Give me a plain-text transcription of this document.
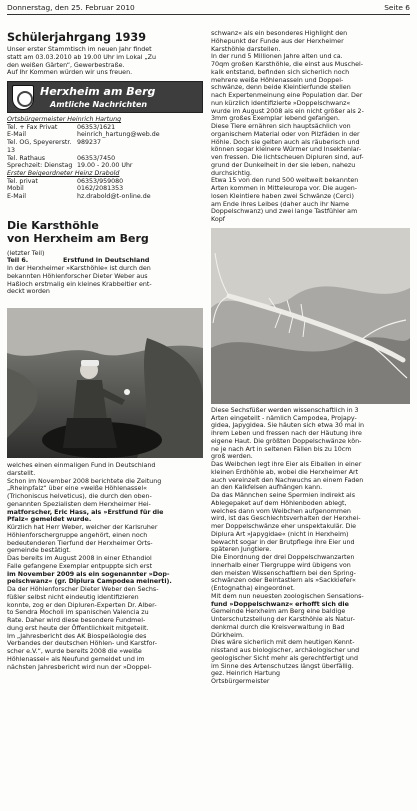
Donnerstag, den 25. Februar 2010	Seite 6
Schülerjahrgang 1939
Unser erster Stammtisch im neuen Jahr findet
statt am 03.03.2010 ab 19.00 Uhr im Lokal „Zu
den weißen Gärten“, Gewerbestraße.
Auf Ihr Kommen würden wir uns freuen.
Herxheim am Berg
Amtliche Nachrichten
Ortsbürgermeister Heinrich Hartung
Tel. + Fax Privat	06353/1621
E-Mail	heinrich_hartung@web.de
Tel. OG, Speyererstr. 13
989237
Tel. Rathaus	06353/7450
Sprechzeit: Dienstag 19.00 - 20.00 Uhr
Erster Beigeordneter Heinz Drabold
Tel. privat	06353/959080
Mobil	0162/2081353
E-Mail	hz.drabold@t-online.de
Die Karsthöhle
von Herxheim am Berg
(letzter Teil)
Teil 6.	Erstfund in Deutschland
In der Herxheimer »Karsthöhle« ist durch den
bekannten Höhlenforscher Dieter Weber aus
Haßloch erstmalig ein kleines Krabbeltier ent-
deckt worden
welches einen einmaligen Fund in Deutschland
darstellt.
Schon im November 2008 berichtete die Zeitung
„Rheinpfalz“ über eine »weiße Höhlenassel«
(Trichoniscus helveticus), die durch den oben-
genannten Spezialisten dem Herxheimer Hei-
matforscher, Eric Hass, als »Erstfund für die
Pfalz« gemeldet wurde.
Kürzlich hat Herr Weber, welcher der Karlsruher
Höhlenforschergruppe angehört, einen noch
bedeutenderen Tierfund der Herxheimer Orts-
gemeinde bestätigt.
Das bereits im August 2008 in einer Ethandiol
Falle gefangene Exemplar entpuppte sich erst
im November 2009 als ein sogenannter »Dop-
pelschwanz« (gr. Diplura Campodea meinerti).
Da der Höhlenforscher Dieter Weber den Sechs-
füßler selbst nicht eindeutig identifizieren
konnte, zog er den Dipluren-Experten Dr. Alber-
to Sendra Mocholi im spanischen Valencia zu
Rate. Daher wird diese besondere Fundmel-
dung erst heute der Öffentlichkeit mitgeteilt.
Im „Jahresbericht des AK Biospeläologie des
Verbandes der deutschen Höhlen- und Karstfor-
scher e.V.“, wurde bereits 2008 die »weiße
Höhlenassel« als Neufund gemeldet und im
nächsten Jahresbericht wird nun der »Doppel-
schwanz« als ein besonderes Highlight den
Höhepunkt der Funde aus der Herxheimer
Karsthöhle darstellen.
In der rund 5 Millionen Jahre alten und ca.
70qm großen Karsthöhle, die einst aus Muschel-
kalk entstand, befinden sich sicherlich noch
mehrere weiße Höhlenasseln und Doppel-
schwänze, denn beide Kleintierfunde stellen
nach Expertenmeinung eine Population dar. Der
nun kürzlich identifizierte »Doppelschwanz«
wurde im August 2008 als ein nicht größer als 2-
3mm großes Exemplar lebend gefangen.
Diese Tiere ernähren sich hauptsächlich von
organischem Material oder von Pilzfäden in der
Höhle. Doch sie gelten auch als räuberisch und
können sogar kleinere Würmer und Insektenlar-
ven fressen. Die lichtscheuen Dipluren sind, auf-
grund der Dunkelheit in der sie leben, nahezu
durchsichtig.
Etwa 15 von den rund 500 weltweit bekannten
Arten kommen in Mitteleuropa vor. Die augen-
losen Kleintiere haben zwei Schwänze (Cerci)
am Ende ihres Leibes (daher auch ihr Name
Doppelschwanz) und zwei lange Tastfühler am
Kopf
Diese Sechsfüßer werden wissenschaftlich in 3
Arten eingeteilt - nämlich Campodea, Projapy-
gidea, Japygidea. Sie häuten sich etwa 30 mal in
ihrem Leben und fressen nach der Häutung ihre
eigene Haut. Die größten Doppelschwänze kön-
ne je nach Art in seltenen Fällen bis zu 10cm
groß werden.
Das Weibchen legt ihre Eier als Eiballen in einer
kleinen Erdhöhle ab, wobei die Herxheimer Art
auch vereinzelt den Nachwuchs an einem Faden
an den Kalkfelsen aufhängen kann.
Da das Männchen seine Spermien indirekt als
Ablegepaket auf dem Höhlenboden ablegt,
welches dann vom Weibchen aufgenommen
wird, ist das Geschlechtsverhalten der Herxhei-
mer Doppelschwänze eher unspektakulär. Die
Diplura Art »Japygidae« (nicht in Herxheim)
bewacht sogar in der Brutpflege ihre Eier und
späteren Jungtiere.
Die Einordnung der drei Doppelschwanzarten
innerhalb einer Tiergruppe wird übigens von
den meisten Wissenschaftlern bei den Spring-
schwänzen oder Beintastlern als »Sackkiefer«
(Entognatha) eingeordnet.
Mit dem nun neuesten zoologischen Sensations-
fund »Doppelschwanz« erhofft sich die
Gemeinde Herxheim am Berg eine baldige
Unterschutzstellung der Karsthöhle als Natur-
denkmal durch die Kreisverwaltung in Bad
Dürkheim.
Dies wäre sicherlich mit dem heutigen Kennt-
nisstand aus biologischer, archäologischer und
geologischer Sicht mehr als gerechtfertigt und
im Sinne des Artenschutzes längst überfällig.
gez. Heinrich Hartung
Ortsbürgermeister
